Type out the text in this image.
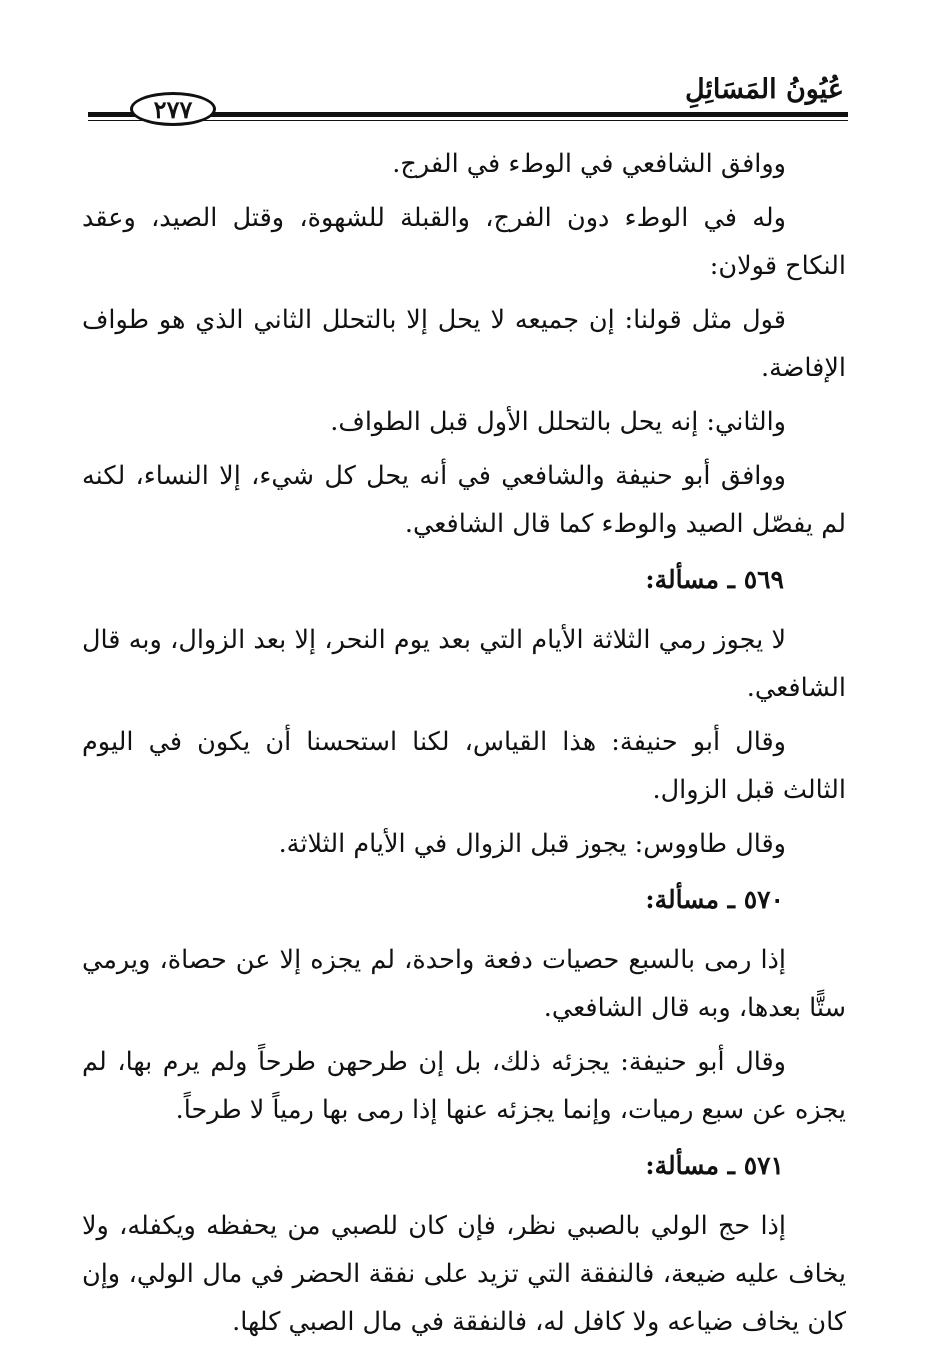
عُيُونُ المَسَائِلِ
٢٧٧

ووافق الشافعي في الوطء في الفرج.

وله في الوطء دون الفرج، والقبلة للشهوة، وقتل الصيد، وعقد النكاح قولان:

قول مثل قولنا: إن جميعه لا يحل إلا بالتحلل الثاني الذي هو طواف الإفاضة.

والثاني: إنه يحل بالتحلل الأول قبل الطواف.

ووافق أبو حنيفة والشافعي في أنه يحل كل شيء، إلا النساء، لكنه لم يفصّل الصيد والوطء كما قال الشافعي.

٥٦٩ ـ مسألة:

لا يجوز رمي الثلاثة الأيام التي بعد يوم النحر، إلا بعد الزوال، وبه قال الشافعي.

وقال أبو حنيفة: هذا القياس، لكنا استحسنا أن يكون في اليوم الثالث قبل الزوال.

وقال طاووس: يجوز قبل الزوال في الأيام الثلاثة.

٥٧٠ ـ مسألة:

إذا رمى بالسبع حصيات دفعة واحدة، لم يجزه إلا عن حصاة، ويرمي ستًّا بعدها، وبه قال الشافعي.

وقال أبو حنيفة: يجزئه ذلك، بل إن طرحهن طرحاً ولم يرم بها، لم يجزه عن سبع رميات، وإنما يجزئه عنها إذا رمى بها رمياً لا طرحاً.

٥٧١ ـ مسألة:

إذا حج الولي بالصبي نظر، فإن كان للصبي من يحفظه ويكفله، ولا يخاف عليه ضيعة، فالنفقة التي تزيد على نفقة الحضر في مال الولي، وإن كان يخاف ضياعه ولا كافل له، فالنفقة في مال الصبي كلها.
